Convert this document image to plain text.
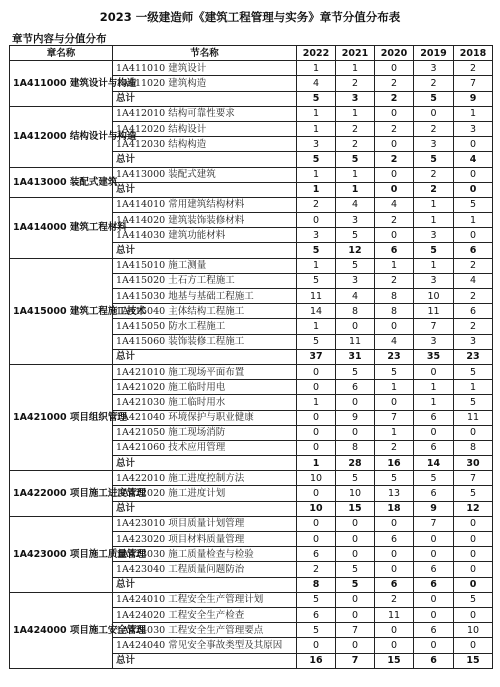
2023 一级建造师《建筑工程管理与实务》章节分值分布表
章节内容与分值分布
章名称	节名称	2022	2021	2020	2019	2018
1A411000 建筑设计与构造	1A411010 建筑设计	1	1	0	3	2
	1A411020 建筑构造	4	2	2	2	7
	总计	5	3	2	5	9
1A412000 结构设计与构造	1A412010 结构可靠性要求	1	1	0	0	1
	1A412020 结构设计	1	2	2	2	3
	1A412030 结构构造	3	2	0	3	0
	总计	5	5	2	5	4
1A413000 装配式建筑	1A413000 装配式建筑	1	1	0	2	0
	总计	1	1	0	2	0
1A414000 建筑工程材料	1A414010 常用建筑结构材料	2	4	4	1	5
	1A414020 建筑装饰装修材料	0	3	2	1	1
	1A414030 建筑功能材料	3	5	0	3	0
	总计	5	12	6	5	6
1A415000 建筑工程施工技术	1A415010 施工测量	1	5	1	1	2
	1A415020 土石方工程施工	5	3	2	3	4
	1A415030 地基与基础工程施工	11	4	8	10	2
	1A415040 主体结构工程施工	14	8	8	11	6
	1A415050 防水工程施工	1	0	0	7	2
	1A415060 装饰装修工程施工	5	11	4	3	3
	总计	37	31	23	35	23
1A421000 项目组织管理	1A421010 施工现场平面布置	0	5	5	0	5
	1A421020 施工临时用电	0	6	1	1	1
	1A421030 施工临时用水	1	0	0	1	5
	1A421040 环境保护与职业健康	0	9	7	6	11
	1A421050 施工现场消防	0	0	1	0	0
	1A421060 技术应用管理	0	8	2	6	8
	总计	1	28	16	14	30
1A422000 项目施工进度管理	1A422010 施工进度控制方法	10	5	5	5	7
	1A422020 施工进度计划	0	10	13	6	5
	总计	10	15	18	9	12
1A423000 项目施工质量管理	1A423010 项目质量计划管理	0	0	0	7	0
	1A423020 项目材料质量管理	0	0	6	0	0
	1A423030 施工质量检查与检验	6	0	0	0	0
	1A423040 工程质量问题防治	2	5	0	6	0
	总计	8	5	6	6	0
1A424000 项目施工安全管理	1A424010 工程安全生产管理计划	5	0	2	0	5
	1A424020 工程安全生产检查	6	0	11	0	0
	1A424030 工程安全生产管理要点	5	7	0	6	10
	1A424040 常见安全事故类型及其原因	0	0	0	0	0
	总计	16	7	15	6	15
